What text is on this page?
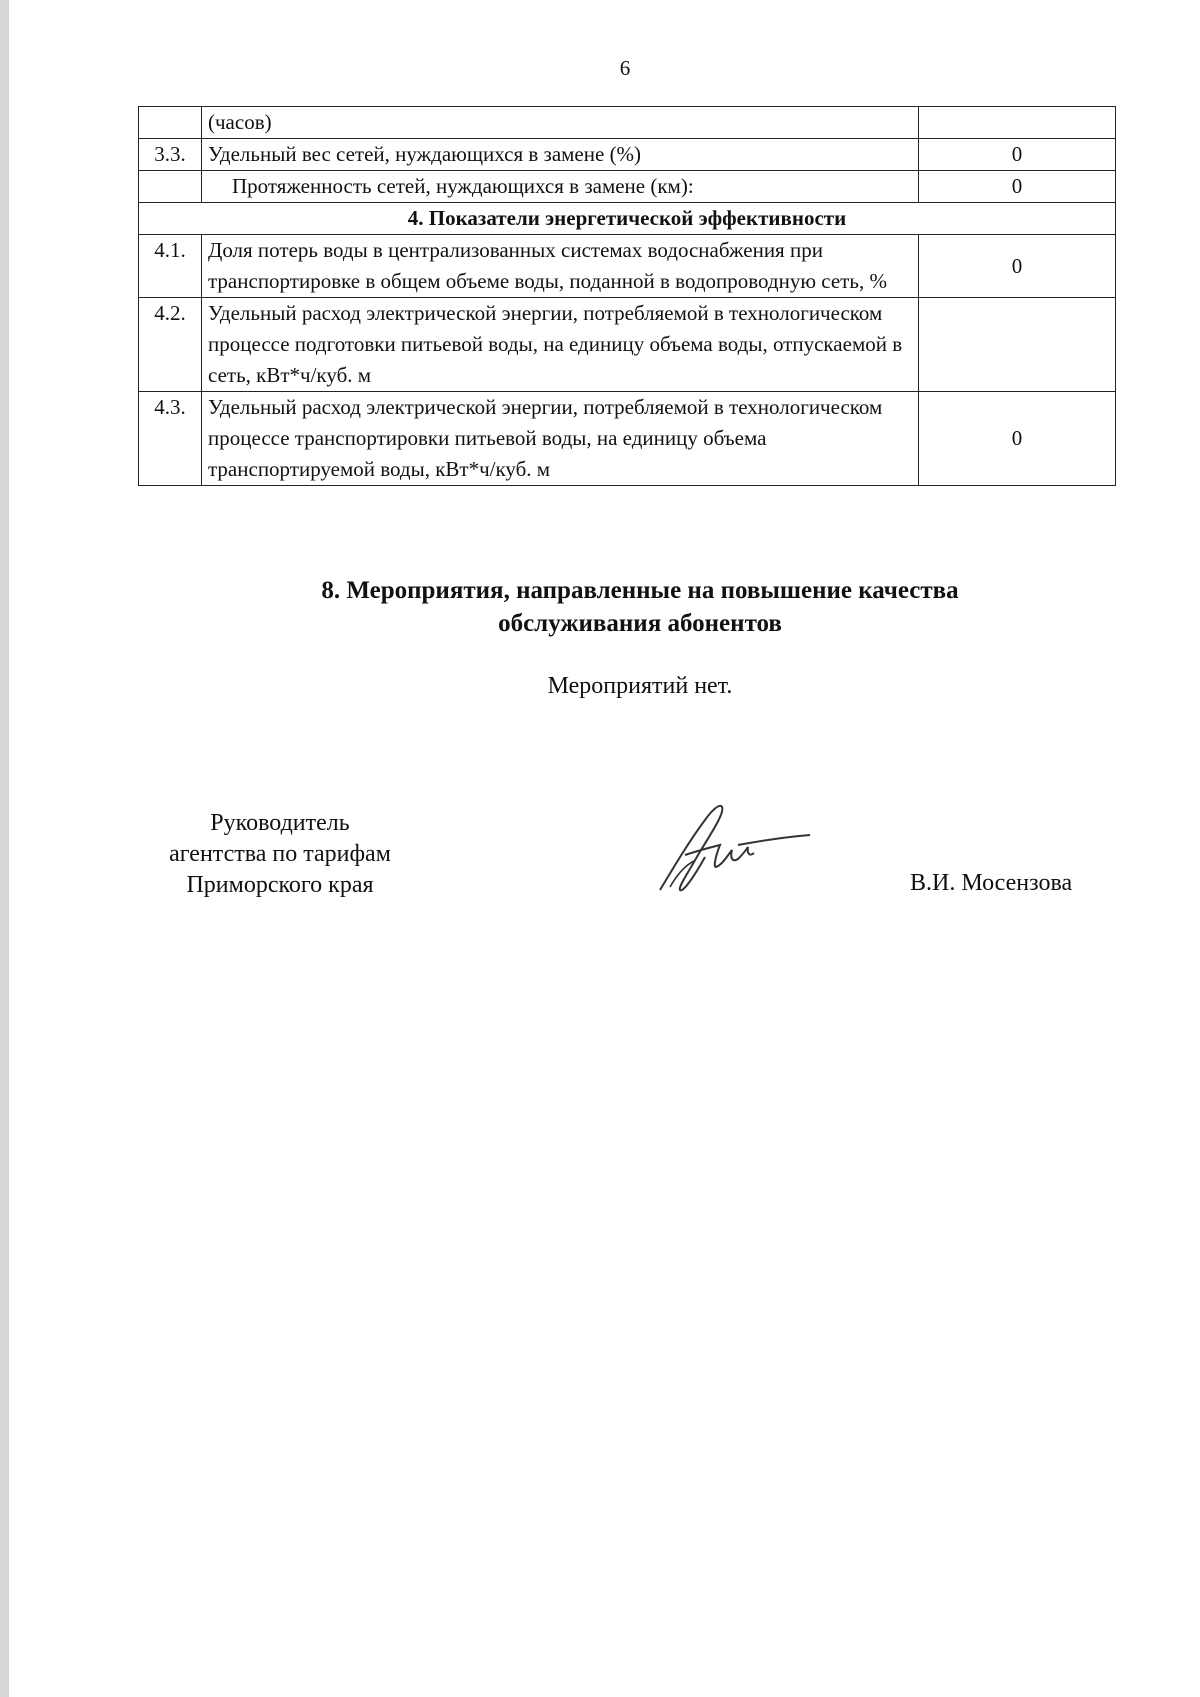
6
	(часов)	
3.3.	Удельный вес сетей, нуждающихся в замене (%)	0
	Протяженность сетей, нуждающихся в замене (км):	0
4. Показатели энергетической эффективности		
4.1.	Доля потерь воды в централизованных системах водоснабжения при транспортировке в общем объеме воды, поданной в водопроводную сеть, %	0
4.2.	Удельный расход электрической энергии, потребляемой в технологическом процессе подготовки питьевой воды, на единицу объема воды, отпускаемой в сеть, кВт*ч/куб. м	
4.3.	Удельный расход электрической энергии, потребляемой в технологическом процессе транспортировки питьевой воды, на единицу объема транспортируемой воды, кВт*ч/куб. м	0
8. Мероприятия, направленные на повышение качества
обслуживания абонентов
Мероприятий нет.
Руководитель
агентства по тарифам
Приморского края	В.И. Мосензова
